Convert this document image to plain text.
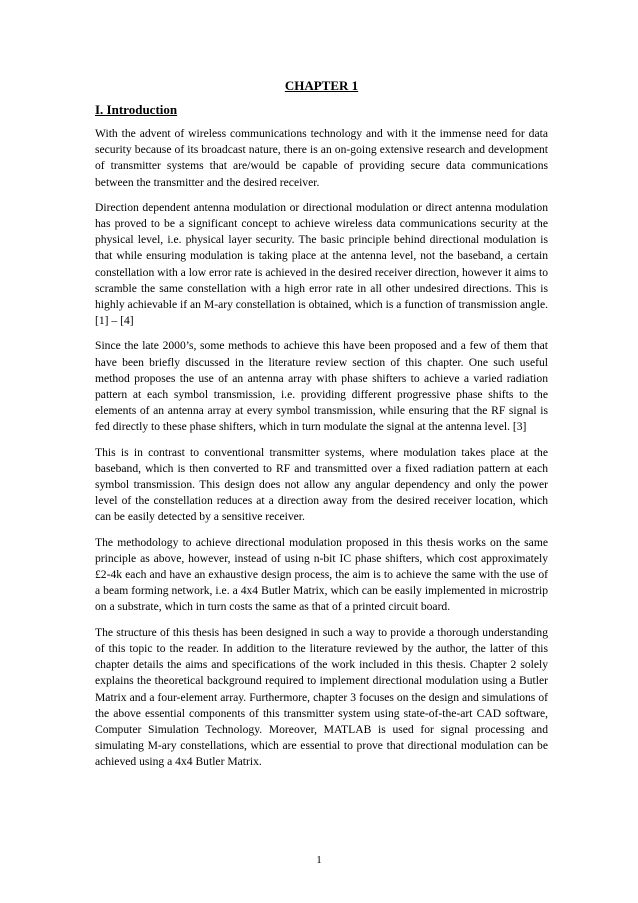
CHAPTER 1
I. Introduction

With the advent of wireless communications technology and with it the immense need for data security because of its broadcast nature, there is an on-going extensive research and development of transmitter systems that are/would be capable of providing secure data communications between the transmitter and the desired receiver.

Direction dependent antenna modulation or directional modulation or direct antenna modulation has proved to be a significant concept to achieve wireless data communications security at the physical level, i.e. physical layer security. The basic principle behind directional modulation is that while ensuring modulation is taking place at the antenna level, not the baseband, a certain constellation with a low error rate is achieved in the desired receiver direction, however it aims to scramble the same constellation with a high error rate in all other undesired directions. This is highly achievable if an M-ary constellation is obtained, which is a function of transmission angle. [1] – [4]

Since the late 2000’s, some methods to achieve this have been proposed and a few of them that have been briefly discussed in the literature review section of this chapter. One such useful method proposes the use of an antenna array with phase shifters to achieve a varied radiation pattern at each symbol transmission, i.e. providing different progressive phase shifts to the elements of an antenna array at every symbol transmission, while ensuring that the RF signal is fed directly to these phase shifters, which in turn modulate the signal at the antenna level. [3]

This is in contrast to conventional transmitter systems, where modulation takes place at the baseband, which is then converted to RF and transmitted over a fixed radiation pattern at each symbol transmission. This design does not allow any angular dependency and only the power level of the constellation reduces at a direction away from the desired receiver location, which can be easily detected by a sensitive receiver.

The methodology to achieve directional modulation proposed in this thesis works on the same principle as above, however, instead of using n-bit IC phase shifters, which cost approximately £2-4k each and have an exhaustive design process, the aim is to achieve the same with the use of a beam forming network, i.e. a 4x4 Butler Matrix, which can be easily implemented in microstrip on a substrate, which in turn costs the same as that of a printed circuit board.

The structure of this thesis has been designed in such a way to provide a thorough understanding of this topic to the reader. In addition to the literature reviewed by the author, the latter of this chapter details the aims and specifications of the work included in this thesis. Chapter 2 solely explains the theoretical background required to implement directional modulation using a Butler Matrix and a four-element array. Furthermore, chapter 3 focuses on the design and simulations of the above essential components of this transmitter system using state-of-the-art CAD software, Computer Simulation Technology. Moreover, MATLAB is used for signal processing and simulating M-ary constellations, which are essential to prove that directional modulation can be achieved using a 4x4 Butler Matrix.

1
